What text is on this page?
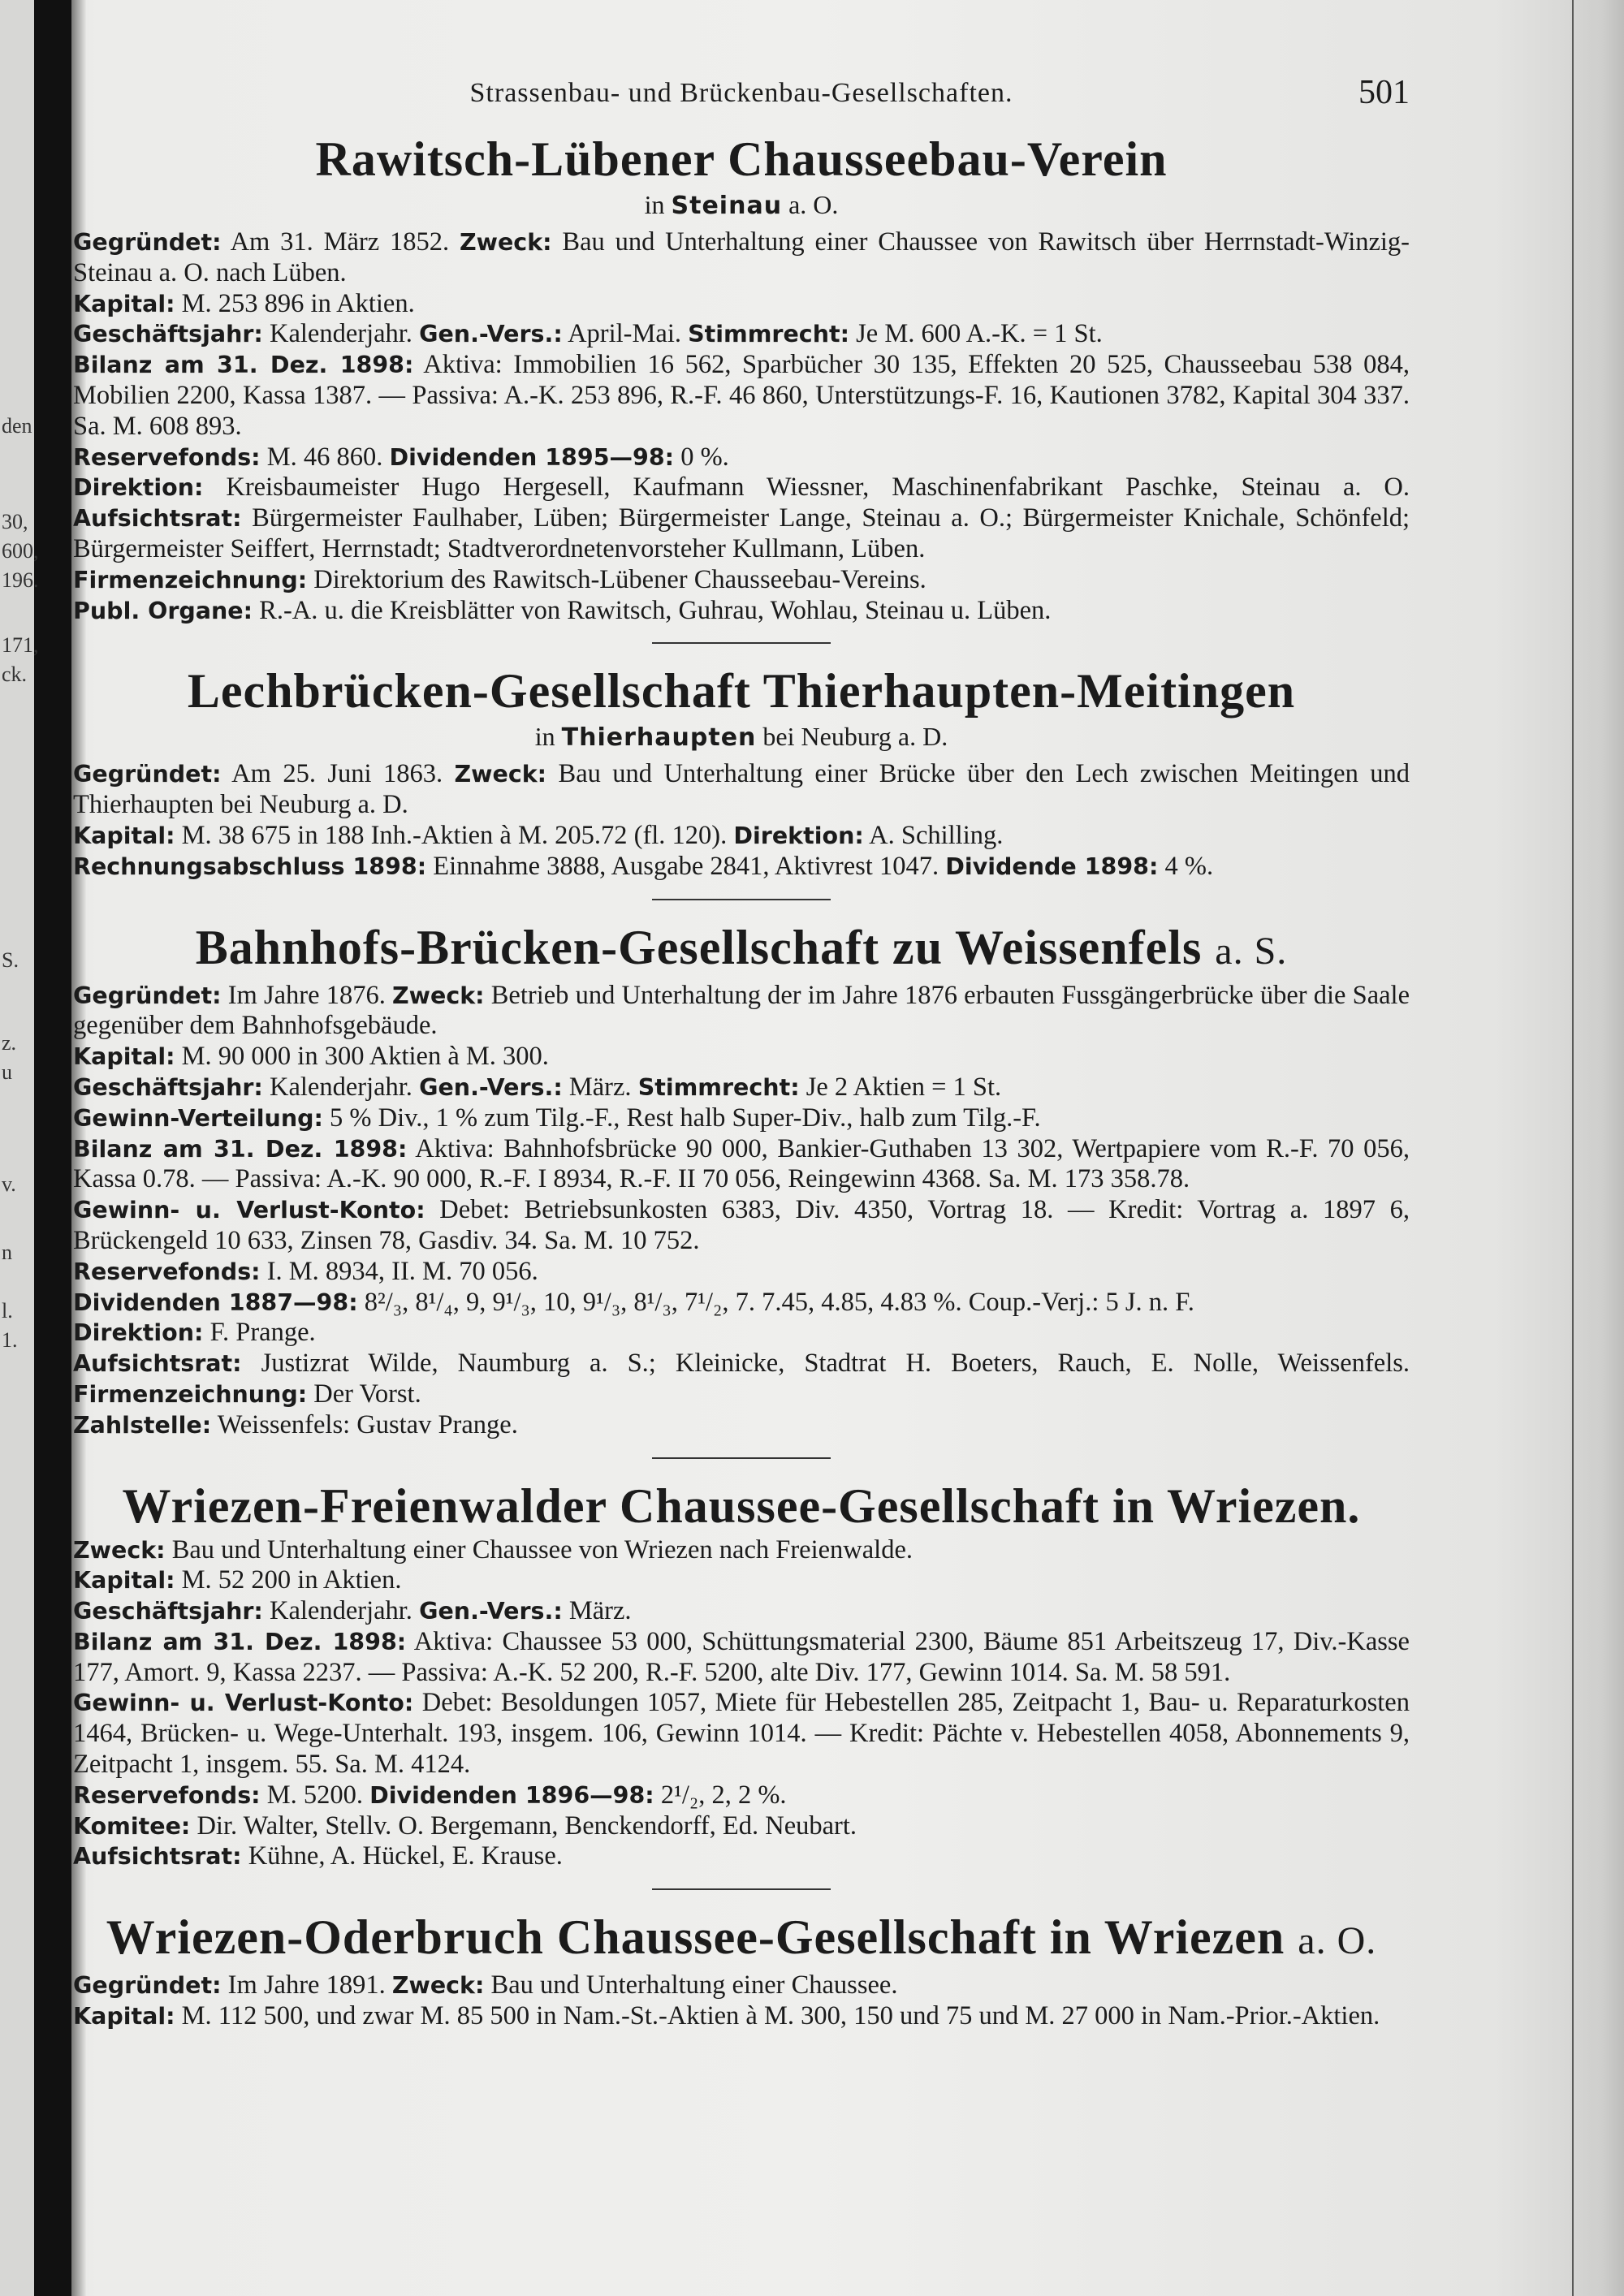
den
30,
600,
196.
171,
ck.
S.
z.
u
v.
n
l.
1.
Strassenbau- und Brückenbau-Gesellschaften.	501
Rawitsch-Lübener Chausseebau-Verein
in Steinau a. O.
Gegründet: Am 31. März 1852. Zweck: Bau und Unterhaltung einer Chaussee von Rawitsch über Herrnstadt-Winzig-Steinau a. O. nach Lüben.
Kapital: M. 253 896 in Aktien.
Geschäftsjahr: Kalenderjahr. Gen.-Vers.: April-Mai. Stimmrecht: Je M. 600 A.-K. = 1 St.
Bilanz am 31. Dez. 1898: Aktiva: Immobilien 16 562, Sparbücher 30 135, Effekten 20 525, Chausseebau 538 084, Mobilien 2200, Kassa 1387. — Passiva: A.-K. 253 896, R.-F. 46 860, Unterstützungs-F. 16, Kautionen 3782, Kapital 304 337. Sa. M. 608 893.
Reservefonds: M. 46 860. Dividenden 1895—98: 0 %.
Direktion: Kreisbaumeister Hugo Hergesell, Kaufmann Wiessner, Maschinenfabrikant Paschke, Steinau a. O. Aufsichtsrat: Bürgermeister Faulhaber, Lüben; Bürgermeister Lange, Steinau a. O.; Bürgermeister Knichale, Schönfeld; Bürgermeister Seiffert, Herrnstadt; Stadtverordnetenvorsteher Kullmann, Lüben.
Firmenzeichnung: Direktorium des Rawitsch-Lübener Chausseebau-Vereins.
Publ. Organe: R.-A. u. die Kreisblätter von Rawitsch, Guhrau, Wohlau, Steinau u. Lüben.
Lechbrücken-Gesellschaft Thierhaupten-Meitingen
in Thierhaupten bei Neuburg a. D.
Gegründet: Am 25. Juni 1863. Zweck: Bau und Unterhaltung einer Brücke über den Lech zwischen Meitingen und Thierhaupten bei Neuburg a. D.
Kapital: M. 38 675 in 188 Inh.-Aktien à M. 205.72 (fl. 120). Direktion: A. Schilling.
Rechnungsabschluss 1898: Einnahme 3888, Ausgabe 2841, Aktivrest 1047. Dividende 1898: 4 %.
Bahnhofs-Brücken-Gesellschaft zu Weissenfels a. S.
Gegründet: Im Jahre 1876. Zweck: Betrieb und Unterhaltung der im Jahre 1876 erbauten Fussgängerbrücke über die Saale gegenüber dem Bahnhofsgebäude.
Kapital: M. 90 000 in 300 Aktien à M. 300.
Geschäftsjahr: Kalenderjahr. Gen.-Vers.: März. Stimmrecht: Je 2 Aktien = 1 St.
Gewinn-Verteilung: 5 % Div., 1 % zum Tilg.-F., Rest halb Super-Div., halb zum Tilg.-F.
Bilanz am 31. Dez. 1898: Aktiva: Bahnhofsbrücke 90 000, Bankier-Guthaben 13 302, Wertpapiere vom R.-F. 70 056, Kassa 0.78. — Passiva: A.-K. 90 000, R.-F. I 8934, R.-F. II 70 056, Reingewinn 4368. Sa. M. 173 358.78.
Gewinn- u. Verlust-Konto: Debet: Betriebsunkosten 6383, Div. 4350, Vortrag 18. — Kredit: Vortrag a. 1897 6, Brückengeld 10 633, Zinsen 78, Gasdiv. 34. Sa. M. 10 752.
Reservefonds: I. M. 8934, II. M. 70 056.
Dividenden 1887—98: 8²/₃, 8¹/₄, 9, 9¹/₃, 10, 9¹/₃, 8¹/₃, 7¹/₂, 7. 7.45, 4.85, 4.83 %. Coup.-Verj.: 5 J. n. F.
Direktion: F. Prange.
Aufsichtsrat: Justizrat Wilde, Naumburg a. S.; Kleinicke, Stadtrat H. Boeters, Rauch, E. Nolle, Weissenfels. Firmenzeichnung: Der Vorst.
Zahlstelle: Weissenfels: Gustav Prange.
Wriezen-Freienwalder Chaussee-Gesellschaft in Wriezen.
Zweck: Bau und Unterhaltung einer Chaussee von Wriezen nach Freienwalde.
Kapital: M. 52 200 in Aktien.
Geschäftsjahr: Kalenderjahr. Gen.-Vers.: März.
Bilanz am 31. Dez. 1898: Aktiva: Chaussee 53 000, Schüttungsmaterial 2300, Bäume 851 Arbeitszeug 17, Div.-Kasse 177, Amort. 9, Kassa 2237. — Passiva: A.-K. 52 200, R.-F. 5200, alte Div. 177, Gewinn 1014. Sa. M. 58 591.
Gewinn- u. Verlust-Konto: Debet: Besoldungen 1057, Miete für Hebestellen 285, Zeitpacht 1, Bau- u. Reparaturkosten 1464, Brücken- u. Wege-Unterhalt. 193, insgem. 106, Gewinn 1014. — Kredit: Pächte v. Hebestellen 4058, Abonnements 9, Zeitpacht 1, insgem. 55. Sa. M. 4124.
Reservefonds: M. 5200. Dividenden 1896—98: 2¹/₂, 2, 2 %.
Komitee: Dir. Walter, Stellv. O. Bergemann, Benckendorff, Ed. Neubart.
Aufsichtsrat: Kühne, A. Hückel, E. Krause.
Wriezen-Oderbruch Chaussee-Gesellschaft in Wriezen a. O.
Gegründet: Im Jahre 1891. Zweck: Bau und Unterhaltung einer Chaussee.
Kapital: M. 112 500, und zwar M. 85 500 in Nam.-St.-Aktien à M. 300, 150 und 75 und M. 27 000 in Nam.-Prior.-Aktien.
